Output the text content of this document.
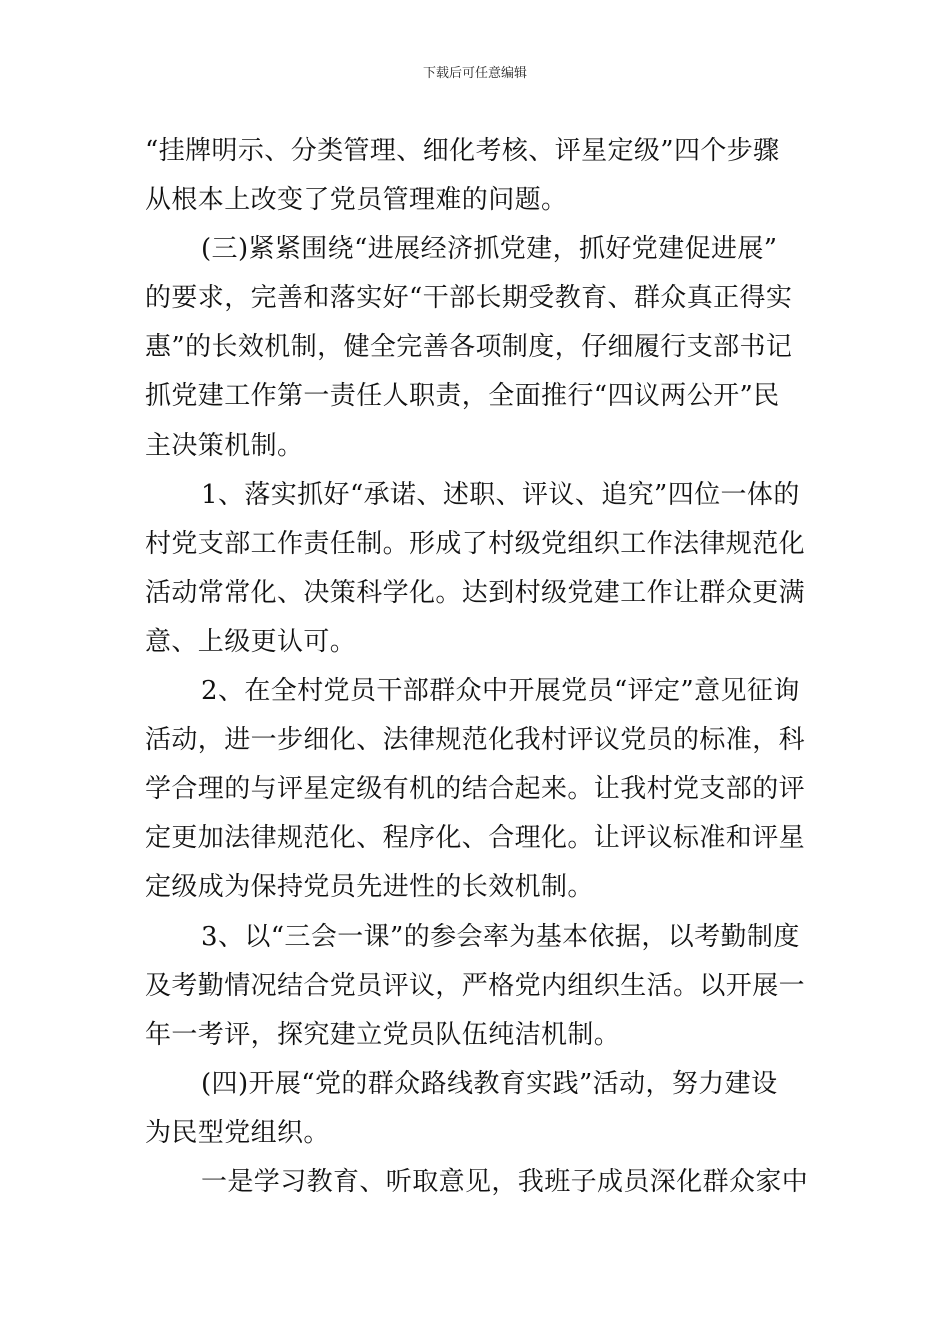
下载后可任意编辑
“挂牌明示、分类管理、细化考核、评星定级”四个步骤
从根本上改变了党员管理难的问题。
(三)紧紧围绕“进展经济抓党建，抓好党建促进展”
的要求，完善和落实好“干部长期受教育、群众真正得实
惠”的长效机制，健全完善各项制度，仔细履行支部书记
抓党建工作第一责任人职责，全面推行“四议两公开”民
主决策机制。
1、落实抓好“承诺、述职、评议、追究”四位一体的
村党支部工作责任制。形成了村级党组织工作法律规范化
活动常常化、决策科学化。达到村级党建工作让群众更满
意、上级更认可。
2、在全村党员干部群众中开展党员“评定”意见征询
活动，进一步细化、法律规范化我村评议党员的标准，科
学合理的与评星定级有机的结合起来。让我村党支部的评
定更加法律规范化、程序化、合理化。让评议标准和评星
定级成为保持党员先进性的长效机制。
3、以“三会一课”的参会率为基本依据，以考勤制度
及考勤情况结合党员评议，严格党内组织生活。以开展一
年一考评，探究建立党员队伍纯洁机制。
(四)开展“党的群众路线教育实践”活动，努力建设
为民型党组织。
一是学习教育、听取意见，我班子成员深化群众家中
